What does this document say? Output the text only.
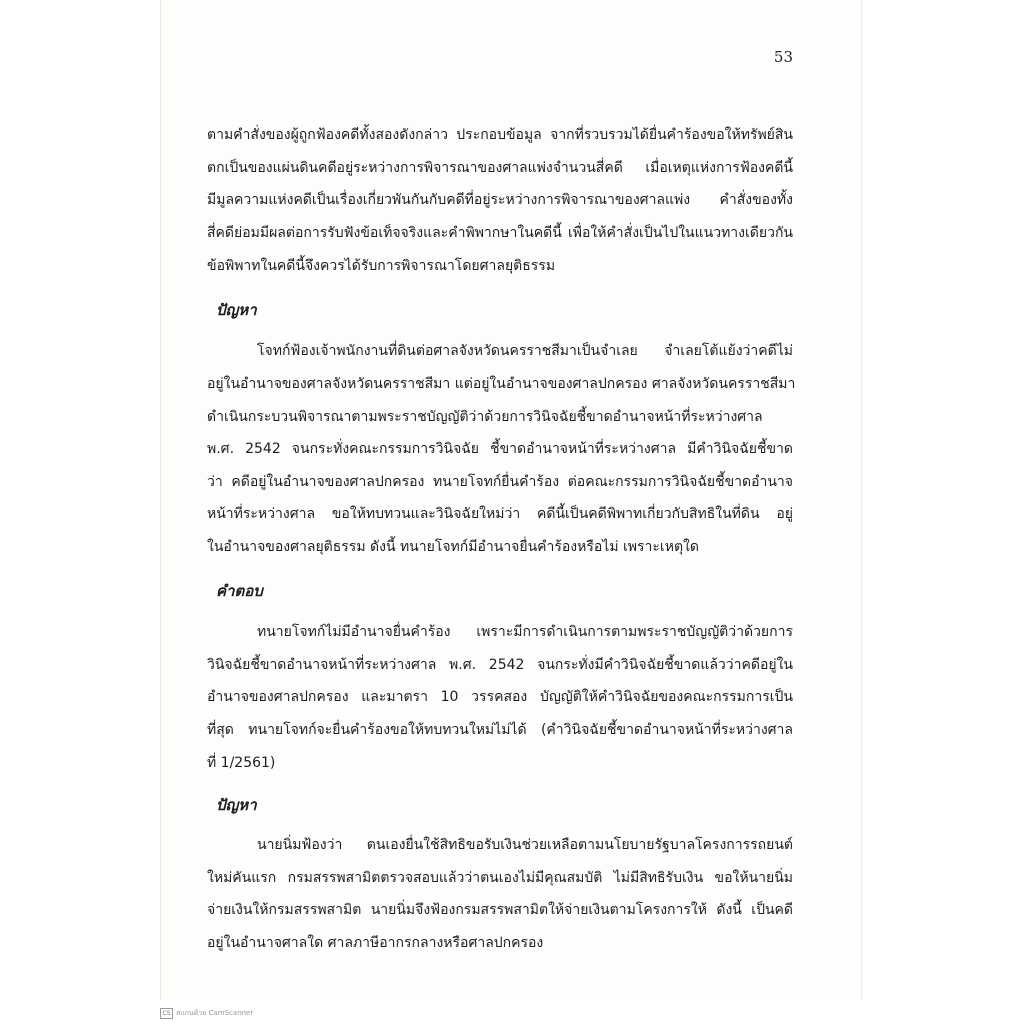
53
ตามคำสั่งของผู้ถูกฟ้องคดีทั้งสองดังกล่าว ประกอบข้อมูล จากที่รวบรวมได้ยื่นคำร้องขอให้ทรัพย์สิน
ตกเป็นของแผ่นดินคดีอยู่ระหว่างการพิจารณาของศาลแพ่งจำนวนสี่คดี เมื่อเหตุแห่งการฟ้องคดีนี้
มีมูลความแห่งคดีเป็นเรื่องเกี่ยวพันกันกับคดีที่อยู่ระหว่างการพิจารณาของศาลแพ่ง คำสั่งของทั้ง
สี่คดีย่อมมีผลต่อการรับฟังข้อเท็จจริงและคำพิพากษาในคดีนี้ เพื่อให้คำสั่งเป็นไปในแนวทางเดียวกัน
ข้อพิพาทในคดีนี้จึงควรได้รับการพิจารณาโดยศาลยุติธรรม
ปัญหา
โจทก์ฟ้องเจ้าพนักงานที่ดินต่อศาลจังหวัดนครราชสีมาเป็นจำเลย จำเลยโต้แย้งว่าคดีไม่
อยู่ในอำนาจของศาลจังหวัดนครราชสีมา แต่อยู่ในอำนาจของศาลปกครอง ศาลจังหวัดนครราชสีมา
ดำเนินกระบวนพิจารณาตามพระราชบัญญัติว่าด้วยการวินิจฉัยชี้ขาดอำนาจหน้าที่ระหว่างศาล
พ.ศ. 2542 จนกระทั่งคณะกรรมการวินิจฉัย ชี้ขาดอำนาจหน้าที่ระหว่างศาล มีคำวินิจฉัยชี้ขาด
ว่า คดีอยู่ในอำนาจของศาลปกครอง ทนายโจทก์ยื่นคำร้อง ต่อคณะกรรมการวินิจฉัยชี้ขาดอำนาจ
หน้าที่ระหว่างศาล ขอให้ทบทวนและวินิจฉัยใหม่ว่า คดีนี้เป็นคดีพิพาทเกี่ยวกับสิทธิในที่ดิน อยู่
ในอำนาจของศาลยุติธรรม ดังนี้ ทนายโจทก์มีอำนาจยื่นคำร้องหรือไม่ เพราะเหตุใด
คำตอบ
ทนายโจทก์ไม่มีอำนาจยื่นคำร้อง เพราะมีการดำเนินการตามพระราชบัญญัติว่าด้วยการ
วินิจฉัยชี้ขาดอำนาจหน้าที่ระหว่างศาล พ.ศ. 2542 จนกระทั่งมีคำวินิจฉัยชี้ขาดแล้วว่าคดีอยู่ใน
อำนาจของศาลปกครอง และมาตรา 10 วรรคสอง บัญญัติให้คำวินิจฉัยของคณะกรรมการเป็น
ที่สุด ทนายโจทก์จะยื่นคำร้องขอให้ทบทวนใหม่ไม่ได้ (คำวินิจฉัยชี้ขาดอำนาจหน้าที่ระหว่างศาล
ที่ 1/2561)
ปัญหา
นายนิ่มฟ้องว่า ตนเองยื่นใช้สิทธิขอรับเงินช่วยเหลือตามนโยบายรัฐบาลโครงการรถยนต์
ใหม่คันแรก กรมสรรพสามิตตรวจสอบแล้วว่าตนเองไม่มีคุณสมบัติ ไม่มีสิทธิรับเงิน ขอให้นายนิ่ม
จ่ายเงินให้กรมสรรพสามิต นายนิ่มจึงฟ้องกรมสรรพสามิตให้จ่ายเงินตามโครงการให้ ดังนี้ เป็นคดี
อยู่ในอำนาจศาลใด ศาลภาษีอากรกลางหรือศาลปกครอง
CS สแกนด้วย CamScanner
